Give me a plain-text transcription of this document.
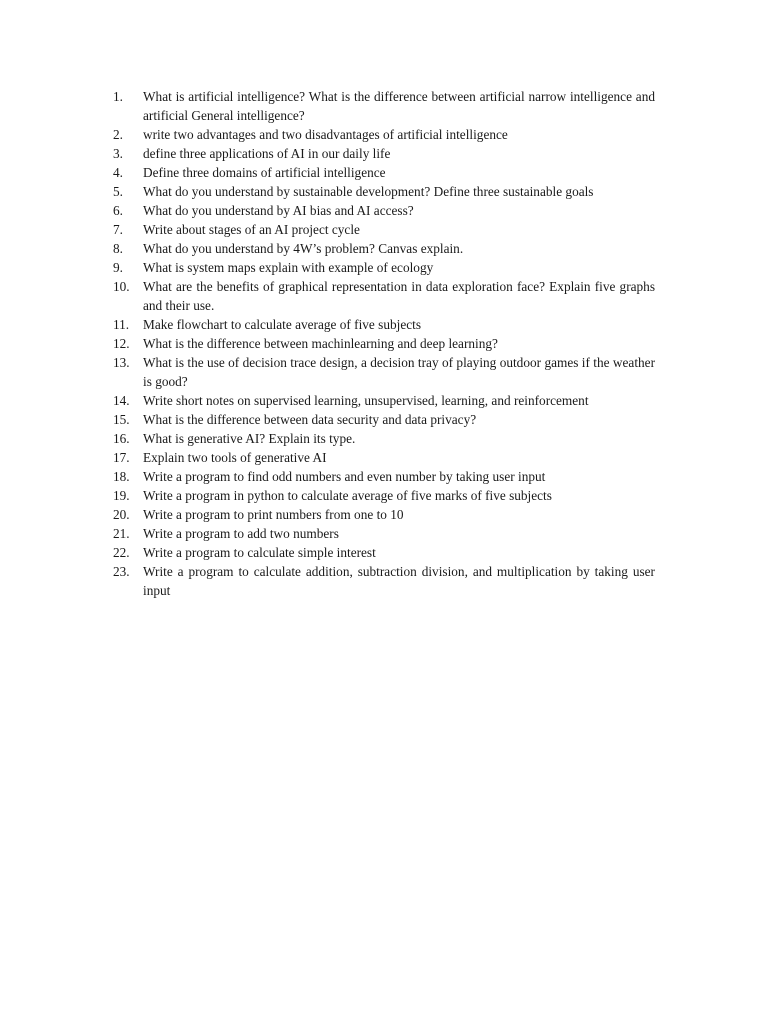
1.	What is artificial intelligence? What is the difference between artificial narrow intelligence and artificial General intelligence?
2.	write two advantages and two disadvantages of artificial intelligence
3.	define three applications of AI in our daily life
4.	Define three domains of artificial intelligence
5.	What do you understand by sustainable development? Define three sustainable goals
6.	What do you understand by AI bias and AI access?
7.	Write about stages of an AI project cycle
8.	What do you understand by 4W’s problem? Canvas explain.
9.	What is system maps explain with example of ecology
10.	What are the benefits of graphical representation in data exploration face? Explain five graphs and their use.
11.	Make flowchart to calculate average of five subjects
12.	What is the difference between machinlearning and deep learning?
13.	What is the use of decision trace design, a decision tray of playing outdoor games if the weather is good?
14.	Write short notes on supervised learning, unsupervised, learning, and reinforcement
15.	What is the difference between data security and data privacy?
16.	What is generative AI? Explain its type.
17.	Explain two tools of generative AI
18.	Write a program to find odd numbers and even number by taking user input
19.	Write a program in python to calculate average of five marks of five subjects
20.	Write a program to print numbers from one to 10
21.	Write a program to add two numbers
22.	Write a program to calculate simple interest
23.	Write a program to calculate addition, subtraction division, and multiplication by taking user input
